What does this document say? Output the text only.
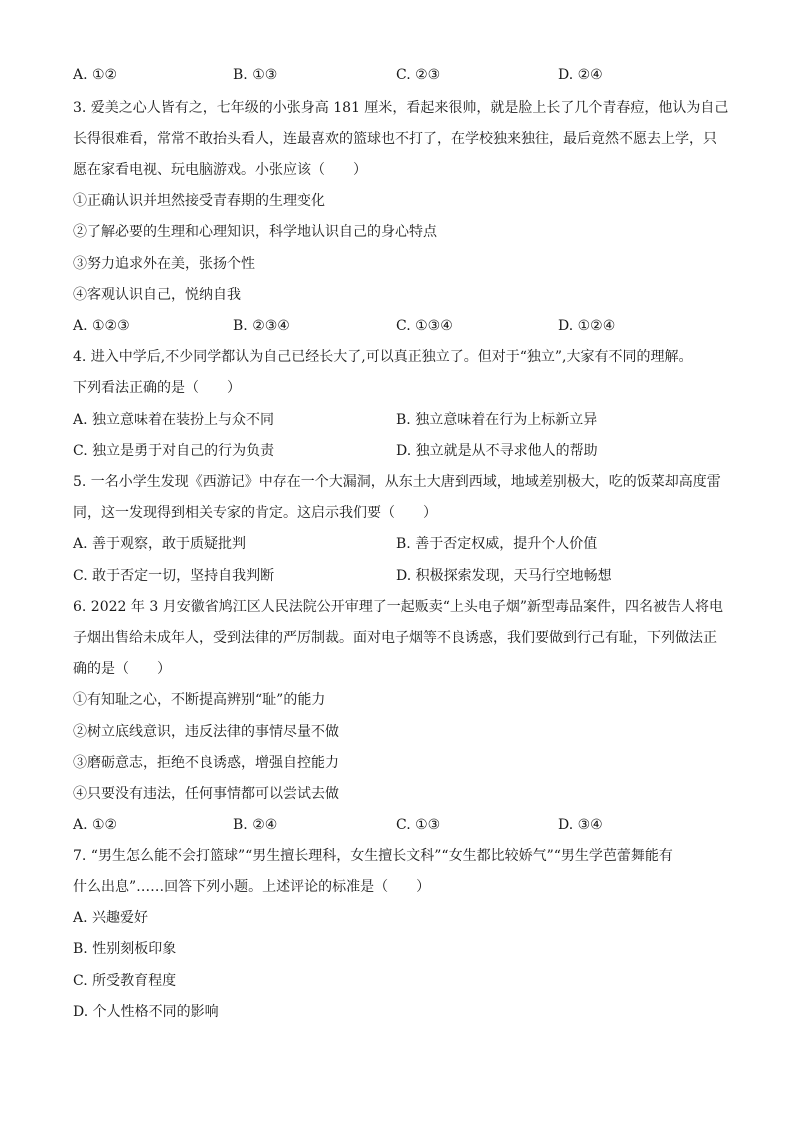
A. ①②	B. ①③	C. ②③	D. ②④
3. 爱美之心人皆有之，七年级的小张身高 181 厘米，看起来很帅，就是脸上长了几个青春痘，他认为自己
长得很难看，常常不敢抬头看人，连最喜欢的篮球也不打了，在学校独来独往，最后竟然不愿去上学，只
愿在家看电视、玩电脑游戏。小张应该（　　）
①正确认识并坦然接受青春期的生理变化
②了解必要的生理和心理知识，科学地认识自己的身心特点
③努力追求外在美，张扬个性
④客观认识自己，悦纳自我
A. ①②③	B. ②③④	C. ①③④	D. ①②④
4. 进入中学后,不少同学都认为自己已经长大了,可以真正独立了。但对于“独立”,大家有不同的理解。
下列看法正确的是（　　）
A. 独立意味着在装扮上与众不同	B. 独立意味着在行为上标新立异
C. 独立是勇于对自己的行为负责	D. 独立就是从不寻求他人的帮助
5. 一名小学生发现《西游记》中存在一个大漏洞，从东土大唐到西域，地域差别极大，吃的饭菜却高度雷
同，这一发现得到相关专家的肯定。这启示我们要（　　）
A. 善于观察，敢于质疑批判	B. 善于否定权威，提升个人价值
C. 敢于否定一切，坚持自我判断	D. 积极探索发现，天马行空地畅想
6. 2022 年 3 月安徽省鸠江区人民法院公开审理了一起贩卖“上头电子烟”新型毒品案件，四名被告人将电
子烟出售给未成年人，受到法律的严厉制裁。面对电子烟等不良诱惑，我们要做到行己有耻，下列做法正
确的是（　　）
①有知耻之心，不断提高辨别“耻”的能力
②树立底线意识，违反法律的事情尽量不做
③磨砺意志，拒绝不良诱惑，增强自控能力
④只要没有违法，任何事情都可以尝试去做
A. ①②	B. ②④	C. ①③	D. ③④
7. “男生怎么能不会打篮球”“男生擅长理科，女生擅长文科”“女生都比较娇气”“男生学芭蕾舞能有
什么出息”……回答下列小题。上述评论的标准是（　　）
A. 兴趣爱好
B. 性别刻板印象
C. 所受教育程度
D. 个人性格不同的影响
